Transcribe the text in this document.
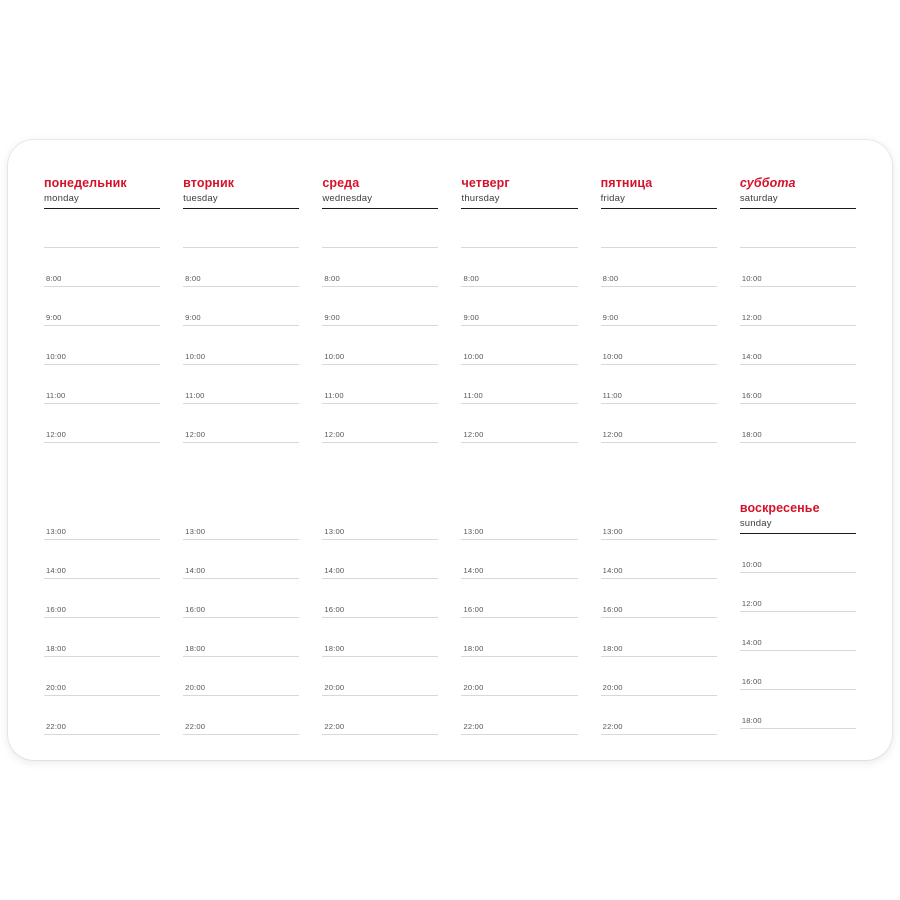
понедельник
monday
8:00
9:00
10:00
11:00
12:00
вторник
tuesday
8:00
9:00
10:00
11:00
12:00
среда
wednesday
8:00
9:00
10:00
11:00
12:00
четверг
thursday
8:00
9:00
10:00
11:00
12:00
пятница
friday
8:00
9:00
10:00
11:00
12:00
суббота
saturday
10:00
12:00
14:00
16:00
18:00
13:00
14:00
16:00
18:00
20:00
22:00
13:00
14:00
16:00
18:00
20:00
22:00
13:00
14:00
16:00
18:00
20:00
22:00
13:00
14:00
16:00
18:00
20:00
22:00
13:00
14:00
16:00
18:00
20:00
22:00
воскресенье
sunday
10:00
12:00
14:00
16:00
18:00
